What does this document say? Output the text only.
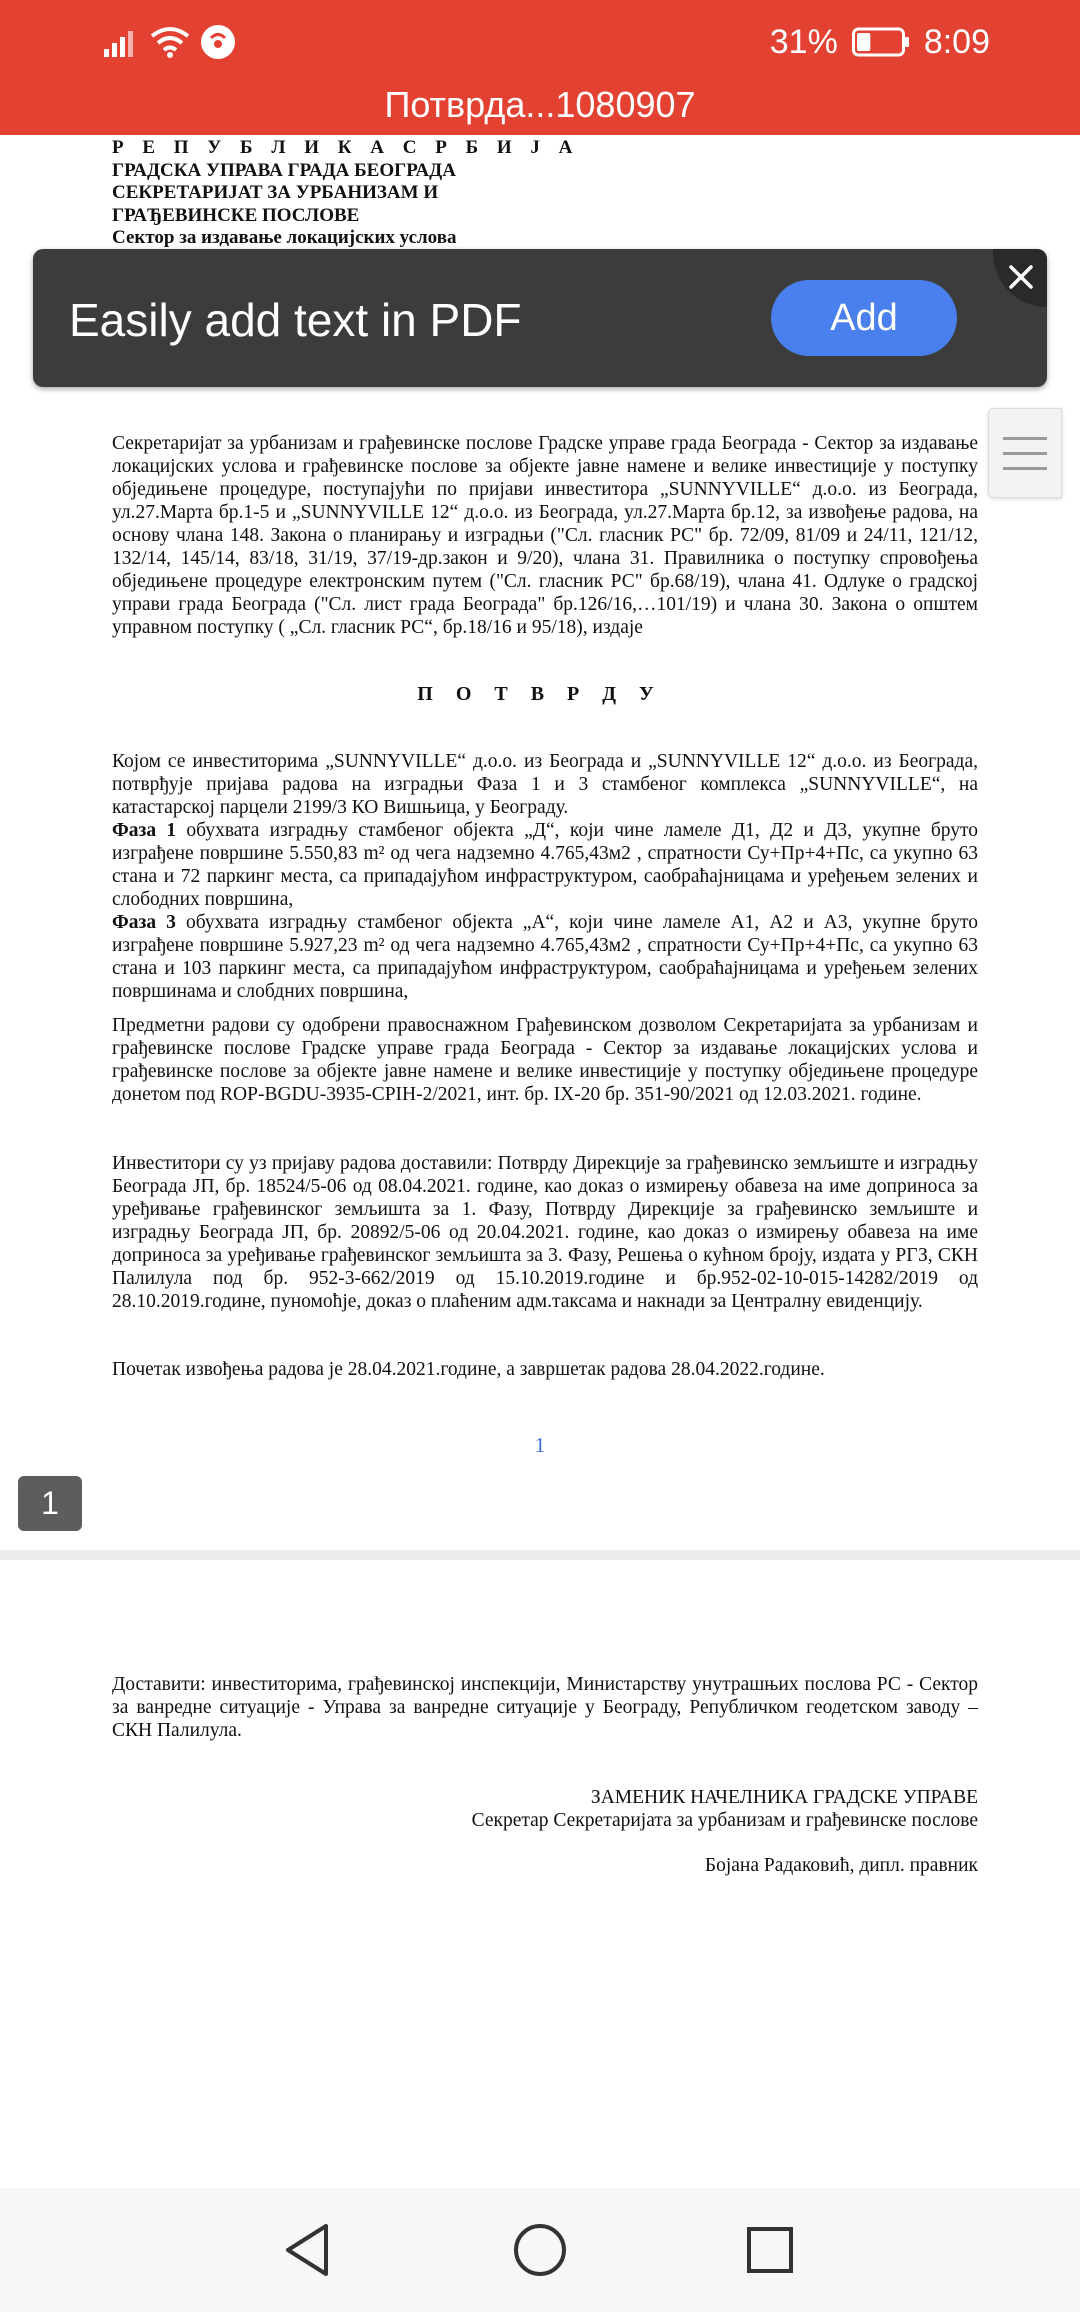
31%	8:09
Потврда...1080907
Р Е П У Б Л И К А С Р Б И Ј А
ГРАДСКА УПРАВА ГРАДА БЕОГРАДА
СЕКРЕТАРИЈАТ ЗА УРБАНИЗАМ И
ГРАЂЕВИНСКЕ ПОСЛОВЕ
Сектор за издавање локацијских услова
Секретаријат за урбанизам и грађевинске послове Градске управе града Београда - Сектор за издавање локацијских услова и грађевинске послове за објекте јавне намене и велике инвестиције у поступку обједињене процедуре, поступајући по пријави инвеститора „SUNNYVILLE“ д.о.о. из Београда, ул.27.Марта бр.1-5 и „SUNNYVILLE 12“ д.о.о. из Београда, ул.27.Марта бр.12, за извођење радова, на основу члана 148. Закона о планирању и изградњи ("Сл. гласник РС" бр. 72/09, 81/09 и 24/11, 121/12, 132/14, 145/14, 83/18, 31/19, 37/19-др.закон и 9/20), члана 31. Правилника о поступку спровођења обједињене процедуре електронским путем ("Сл. гласник РС" бр.68/19), члана 41. Одлуке о градској управи града Београда ("Сл. лист града Београда" бр.126/16,…101/19) и члана 30. Закона о општем управном поступку ( „Сл. гласник РС“, бр.18/16 и 95/18), издаје
П О Т В Р Д У
Којом се инвеститорима „SUNNYVILLE“ д.о.о. из Београда и „SUNNYVILLE 12“ д.о.о. из Београда, потврђује пријава радова на изградњи Фаза 1 и 3 стамбеног комплекса „SUNNYVILLE“, на катастарској парцели 2199/3 КО Вишњица, у Београду.
Фаза 1 обухвата изградњу стамбеног објекта „Д“, који чине ламеле Д1, Д2 и Д3, укупне бруто изграђене површине 5.550,83 m² од чега надземно 4.765,43м2 , спратности Су+Пр+4+Пс, са укупно 63 стана и 72 паркинг места, са припадајућом инфраструктуром, саобраћајницама и уређењем зелених и слободних површина,
Фаза 3 обухвата изградњу стамбеног објекта „А“, који чине ламеле А1, А2 и А3, укупне бруто изграђене површине 5.927,23 m² од чега надземно 4.765,43м2 , спратности Су+Пр+4+Пс, са укупно 63 стана и 103 паркинг места, са припадајућом инфраструктуром, саобраћајницама и уређењем зелених површинама и слобдних површина,
Предметни радови су одобрени правоснажном Грађевинском дозволом Секретаријата за урбанизам и грађевинске послове Градске управе града Београда - Сектор за издавање локацијских услова и грађевинске послове за објекте јавне намене и велике инвестиције у поступку обједињене процедуре донетом под ROP-BGDU-3935-CPIH-2/2021, инт. бр. IX-20 бр. 351-90/2021 од 12.03.2021. године.
Инвеститори су уз пријаву радова доставили: Потврду Дирекције за грађевинско земљиште и изградњу Београда ЈП, бр. 18524/5-06 од 08.04.2021. године, као доказ о измирењу обавеза на име доприноса за уређивање грађевинског земљишта за 1. Фазу, Потврду Дирекције за грађевинско земљиште и изградњу Београда ЈП, бр. 20892/5-06 од 20.04.2021. године, као доказ о измирењу обавеза на име доприноса за уређивање грађевинског земљишта за 3. Фазу, Решења о кућном броју, издата у РГЗ, СКН Палилула под бр. 952-3-662/2019 од 15.10.2019.године и бр.952-02-10-015-14282/2019 од 28.10.2019.године, пуномоћје, доказ о плаћеним адм.таксама и накнади за Централну евиденцију.
Почетак извођења радова је 28.04.2021.године, а завршетак радова 28.04.2022.године.
1
1
Доставити: инвеститорима, грађевинској инспекцији, Министарству унутрашњих послова РС - Сектор за ванредне ситуације - Управа за ванредне ситуације у Београду, Републичком геодетском заводу – СКН Палилула.
ЗАМЕНИК НАЧЕЛНИКА ГРАДСКЕ УПРАВЕ
Секретар Секретаријата за урбанизам и грађевинске послове
Бојана Радаковић, дипл. правник
Easily add text in PDF	Add
